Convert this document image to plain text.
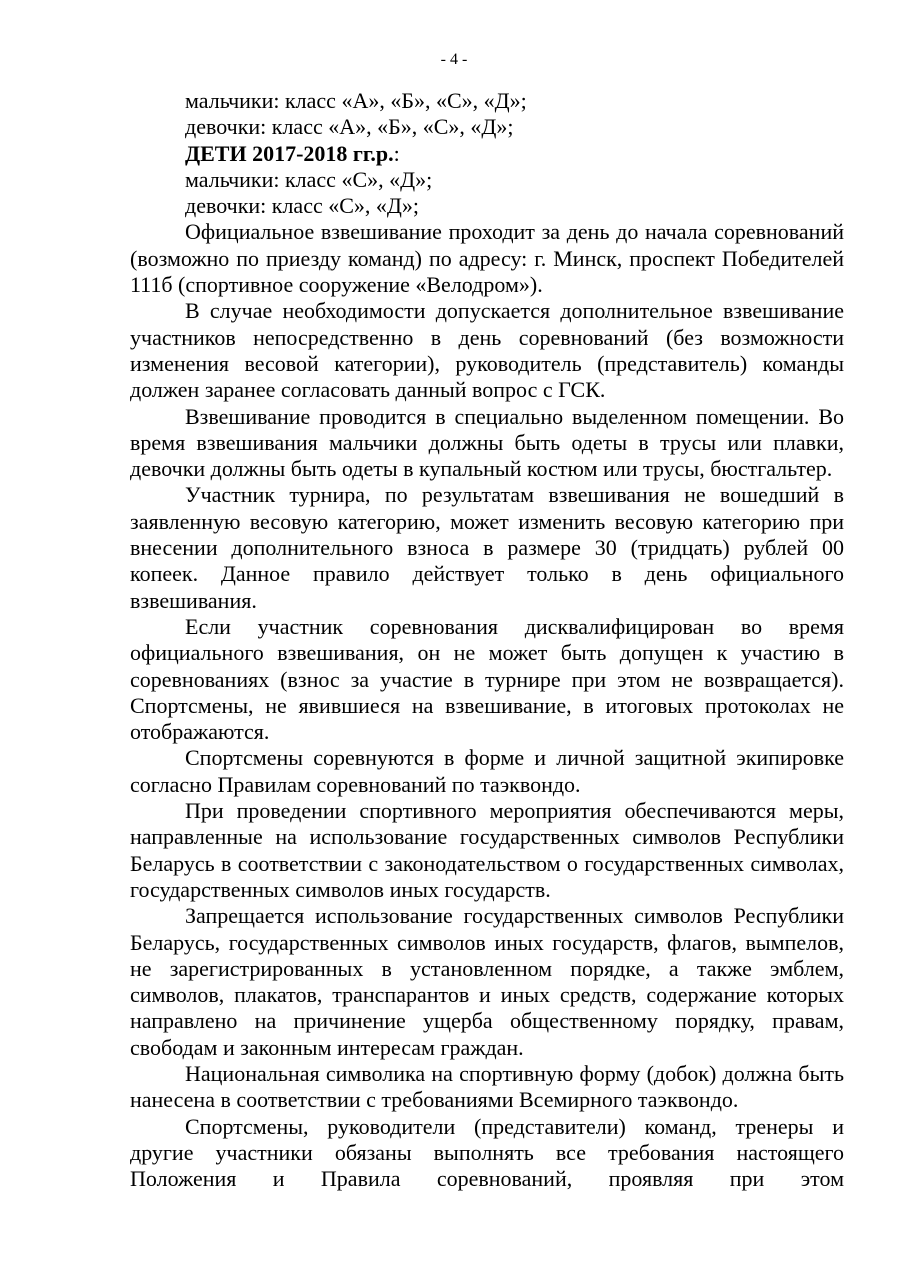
- 4 -
мальчики: класс «А», «Б», «С», «Д»;
девочки: класс «А», «Б», «С», «Д»;
ДЕТИ 2017-2018 гг.р.:
мальчики: класс «С», «Д»;
девочки: класс «С», «Д»;

Официальное взвешивание проходит за день до начала соревнований (возможно по приезду команд) по адресу: г. Минск, проспект Победителей 111б (спортивное сооружение «Велодром»).

В случае необходимости допускается дополнительное взвешивание участников непосредственно в день соревнований (без возможности изменения весовой категории), руководитель (представитель) команды должен заранее согласовать данный вопрос с ГСК.

Взвешивание проводится в специально выделенном помещении. Во время взвешивания мальчики должны быть одеты в трусы или плавки, девочки должны быть одеты в купальный костюм или трусы, бюстгальтер.

Участник турнира, по результатам взвешивания не вошедший в заявленную весовую категорию, может изменить весовую категорию при внесении дополнительного взноса в размере 30 (тридцать) рублей 00 копеек. Данное правило действует только в день официального взвешивания.

Если участник соревнования дисквалифицирован во время официального взвешивания, он не может быть допущен к участию в соревнованиях (взнос за участие в турнире при этом не возвращается). Спортсмены, не явившиеся на взвешивание, в итоговых протоколах не отображаются.

Спортсмены соревнуются в форме и личной защитной экипировке согласно Правилам соревнований по таэквондо.

При проведении спортивного мероприятия обеспечиваются меры, направленные на использование государственных символов Республики Беларусь в соответствии с законодательством о государственных символах, государственных символов иных государств.

Запрещается использование государственных символов Республики Беларусь, государственных символов иных государств, флагов, вымпелов, не зарегистрированных в установленном порядке, а также эмблем, символов, плакатов, транспарантов и иных средств, содержание которых направлено на причинение ущерба общественному порядку, правам, свободам и законным интересам граждан.

Национальная символика на спортивную форму (добок) должна быть нанесена в соответствии с требованиями Всемирного таэквондо.

Спортсмены, руководители (представители) команд, тренеры и другие участники обязаны выполнять все требования настоящего Положения и Правила соревнований, проявляя при этом
